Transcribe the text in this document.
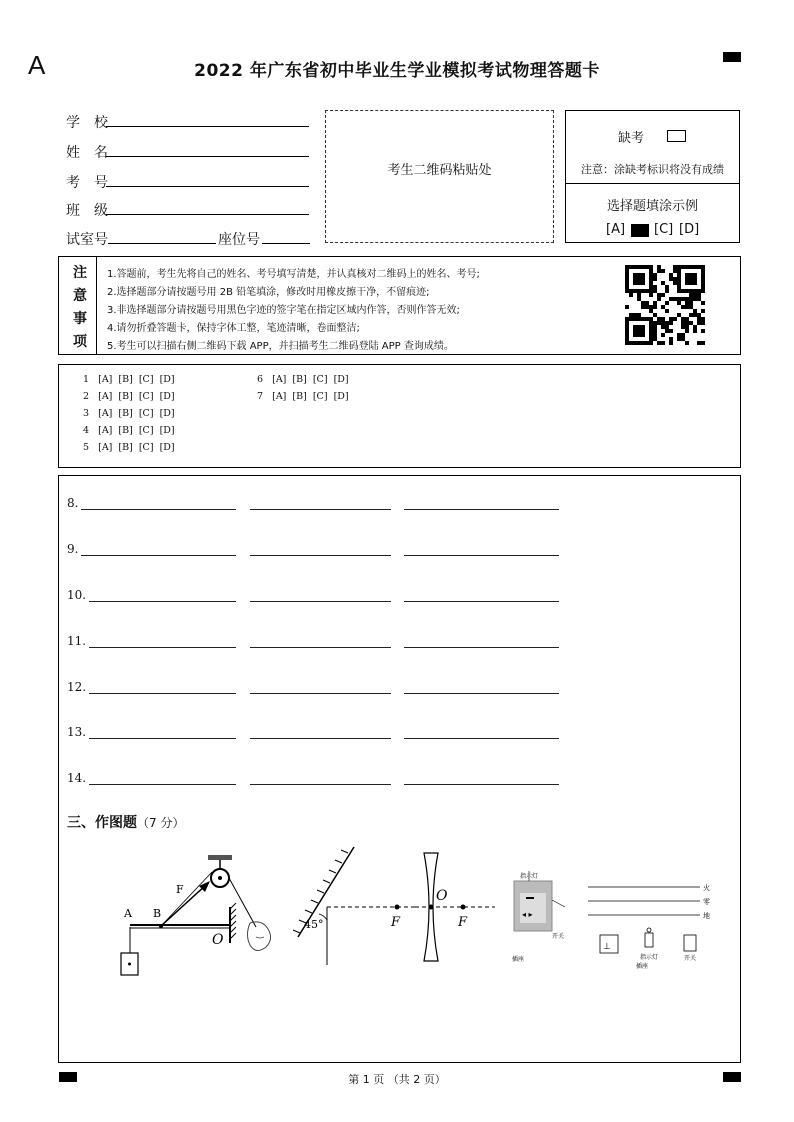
A	2022 年广东省初中毕业生学业模拟考试物理答题卡
学　校
姓　名
考　号
班　级
试室号	座位号
考生二维码粘贴处
缺考
注意：涂缺考标识将没有成绩
选择题填涂示例
[A] [C] [D]
注
意
事
项
1.答题前，考生先将自己的姓名、考号填写清楚，并认真核对二维码上的姓名、考号;
2.选择题部分请按题号用 2B 铅笔填涂，修改时用橡皮擦干净，不留痕迹;
3.非选择题部分请按题号用黑色字迹的签字笔在指定区域内作答，否则作答无效;
4.请勿折叠答题卡，保持字体工整，笔迹清晰，卷面整洁;
5.考生可以扫描右侧二维码下载 APP，并扫描考生二维码登陆 APP 查询成绩。
1 [A]  [B]  [C]  [D]
2 [A]  [B]  [C]  [D]
3 [A]  [B]  [C]  [D]
4 [A]  [B]  [C]  [D]
5 [A]  [B]  [C]  [D]
6 [A]  [B]  [C]  [D]
7 [A]  [B]  [C]  [D]
8.
9.
10.
11.
12.
13.
14.
三、作图题（7 分）
A B
F
O
45°	F
O
F
◂ ▸
指示灯
开关
插座
火
零
地
⊥
指示灯
插座
开关
第 1 页 （共 2 页）
